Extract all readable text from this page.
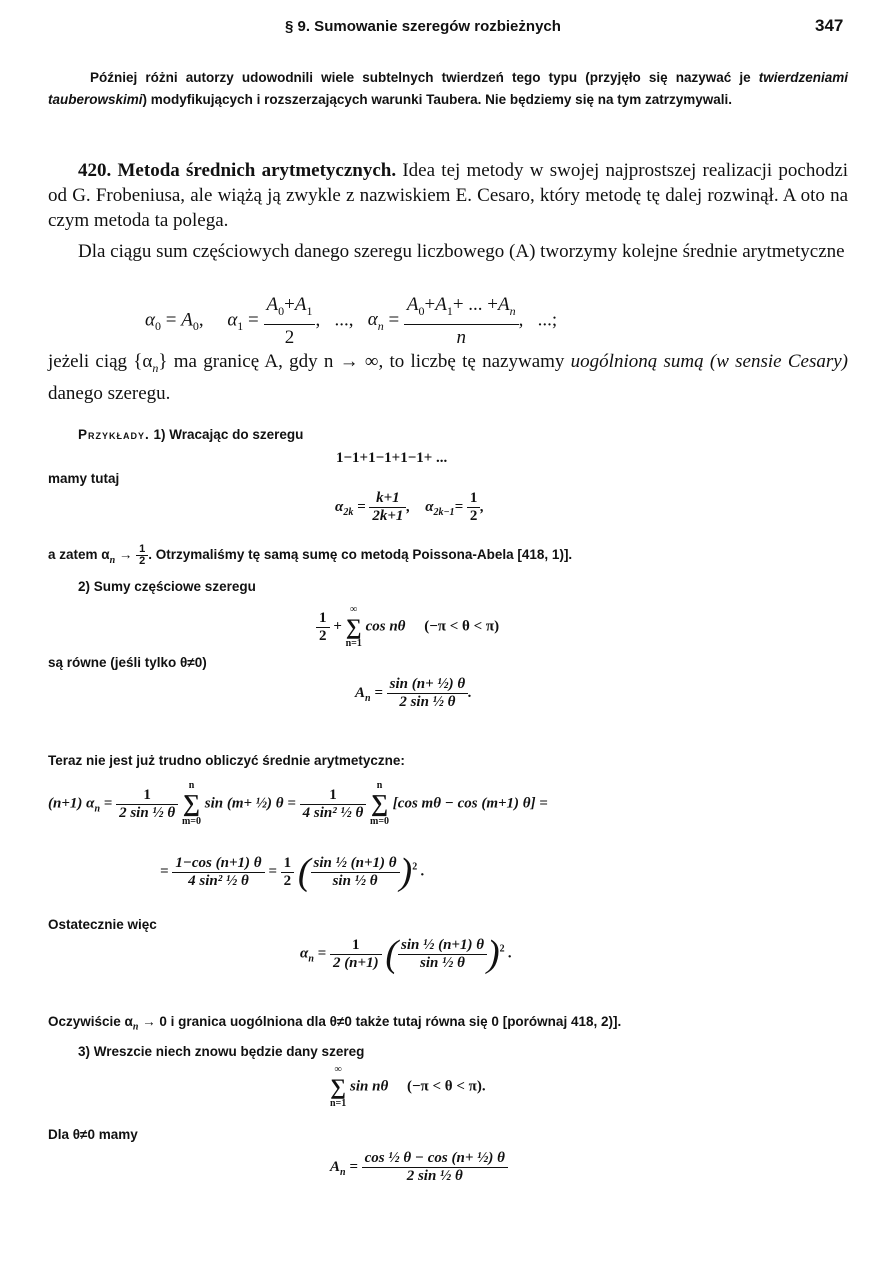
§ 9. Sumowanie szeregów rozbieżnych	347

Później różni autorzy udowodnili wiele subtelnych twierdzeń tego typu (przyjęło się nazywać je twierdzeniami tauberowskimi) modyfikujących i rozszerzających warunki Taubera. Nie będziemy się na tym zatrzymywali.

420. Metoda średnich arytmetycznych. Idea tej metody w swojej najprostszej realizacji pochodzi od G. Frobeniusa, ale wiążą ją zwykle z nazwiskiem E. Cesaro, który metodę tę dalej rozwinął. A oto na czym metoda ta polega.

Dla ciągu sum częściowych danego szeregu liczbowego (A) tworzymy kolejne średnie arytmetyczne

$\alpha_0 = A_0$,     $\alpha_1 = \frac{A_0+A_1}{2}$ ,   ...,   $\alpha_n = \frac{A_0+A_1+ ... +A_n}{n}$ ,   ...;

jeżeli ciąg $\{\alpha_n\}$ ma granicę A, gdy n → ∞, to liczbę tę nazywamy uogólnioną sumą (w sensie Cesary) danego szeregu.

Przykłady. 1) Wracając do szeregu
1−1+1−1+1−1+ ...
mamy tutaj
$\alpha_{2k} = \frac{k+1}{2k+1}$ ,    $\alpha_{2k-1}= \frac{1}{2}$ ,
a zatem $\alpha_n \to \frac{1}{2}$ . Otrzymaliśmy tę samą sumę co metodą Poissona-Abela [418, 1)].
2) Sumy częściowe szeregu
$\frac{1}{2}$ +
∞
∑
n=1
cos nθ     (−π < θ < π)
są równe (jeśli tylko θ≠0)
$A_n = \frac{\text{sin (n+ ½) θ}}{\text{2 sin ½ θ}}$ .
Teraz nie jest już trudno obliczyć średnie arytmetyczne:
(n+1) $\alpha_n = \frac{1}{\text{2 sin ½ θ}}$

n
∑
m=0
sin (m+ ½) $\theta = \frac{1}{\text{4 sin² ½ θ}}$

n
∑
m=0
[cos mθ − cos (m+1) θ] =
= $\frac{1-\cos (n+1) \theta}{\text{4 sin² ½ θ}} = \frac{1}{2}$ ( $\frac{\text{sin ½ (n+1) θ}}{\text{sin ½ θ}} )^2$ .
Ostatecznie więc
$\alpha_n = \frac{1}{2 (n+1)}$ ( $\frac{\text{sin ½ (n+1) θ}}{\text{sin ½ θ}} )^2$ .
Oczywiście $\alpha_n \to 0$ i granica uogólniona dla θ≠0 także tutaj równa się 0 [porównaj 418, 2)].
3) Wreszcie niech znowu będzie dany szereg
∞
∑
n=1
sin nθ     (−π < θ < π).
Dla θ≠0 mamy
$A_n = \frac{\text{cos ½ θ − cos (n+ ½) θ}}{\text{2 sin ½ θ}}$
